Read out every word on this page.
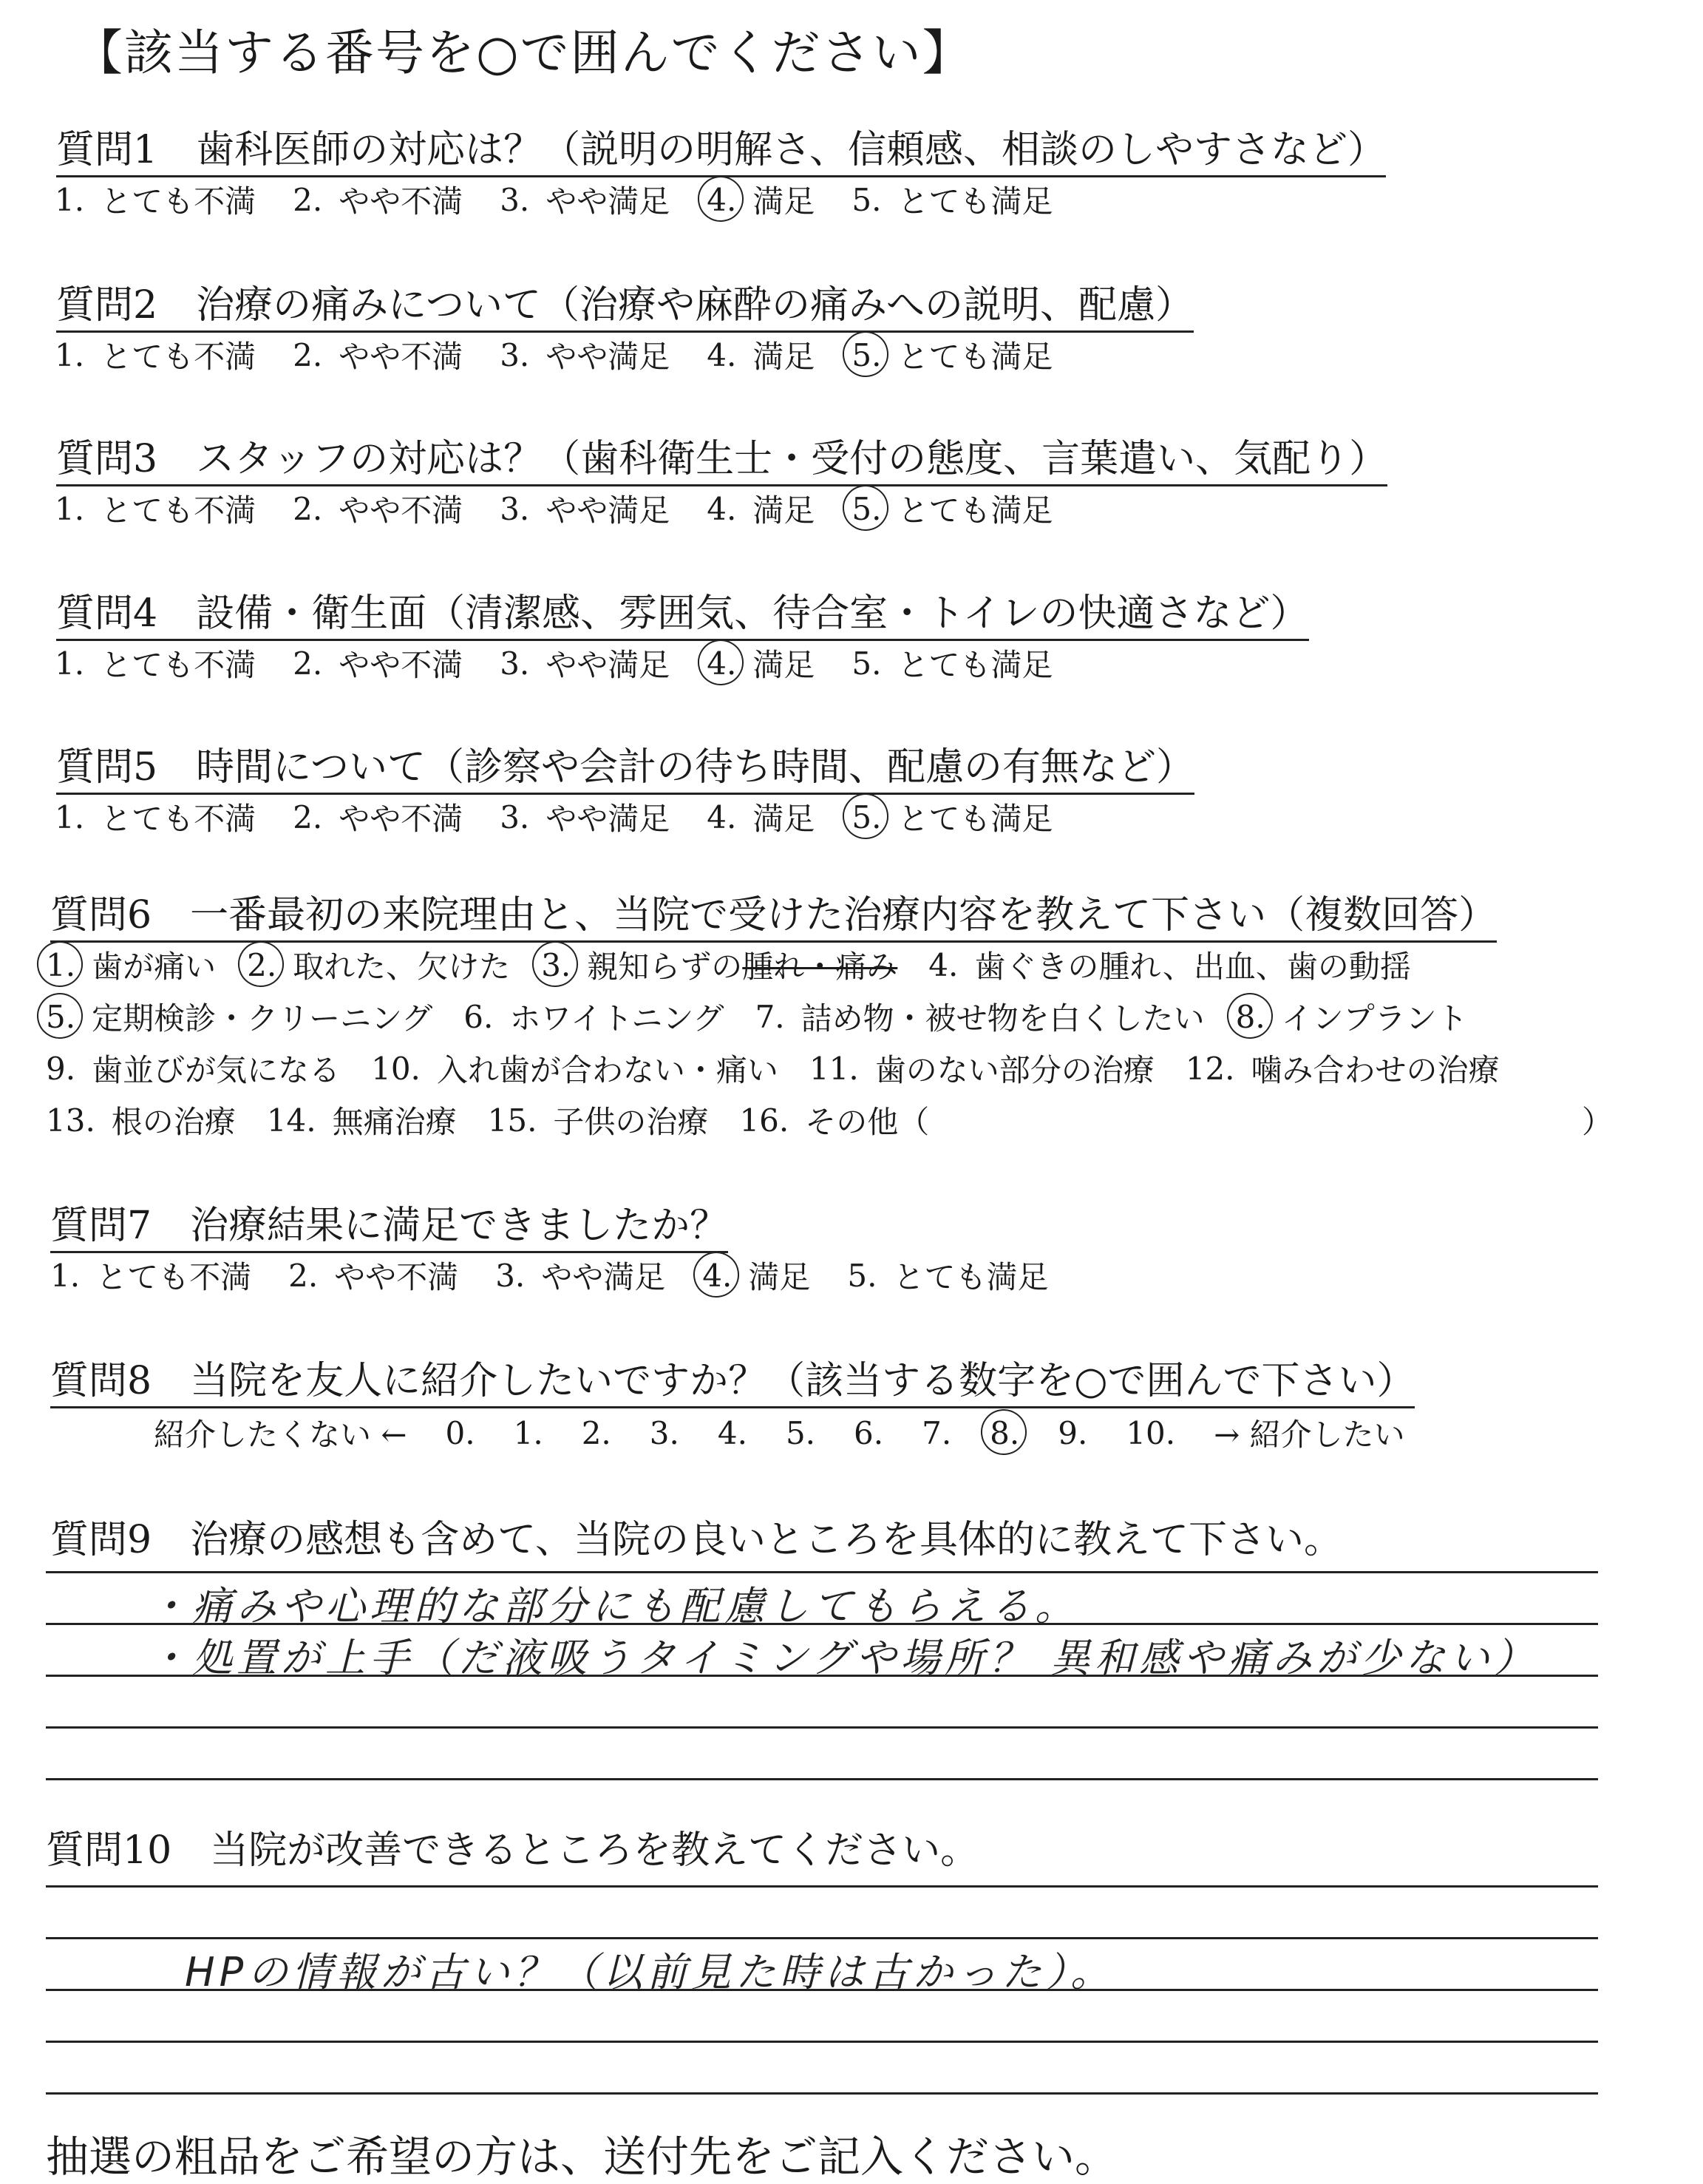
【該当する番号を○で囲んでください】
質問1　歯科医師の対応は？（説明の明解さ、信頼感、相談のしやすさなど）
1. とても不満 2. やや不満 3. やや満足 4. 満足 5. とても満足
質問2　治療の痛みについて（治療や麻酔の痛みへの説明、配慮）
1. とても不満 2. やや不満 3. やや満足 4. 満足 5. とても満足
質問3　スタッフの対応は？（歯科衛生士・受付の態度、言葉遣い、気配り）
1. とても不満 2. やや不満 3. やや満足 4. 満足 5. とても満足
質問4　設備・衛生面（清潔感、雰囲気、待合室・トイレの快適さなど）
1. とても不満 2. やや不満 3. やや満足 4. 満足 5. とても満足
質問5　時間について（診察や会計の待ち時間、配慮の有無など）
1. とても不満 2. やや不満 3. やや満足 4. 満足 5. とても満足
質問6　一番最初の来院理由と、当院で受けた治療内容を教えて下さい（複数回答）
1. 歯が痛い 2. 取れた、欠けた 3. 親知らずの 腫れ・痛み 4. 歯ぐきの腫れ、出血、歯の動揺
5. 定期検診・クリーニング 6. ホワイトニング 7. 詰め物・被せ物を白くしたい 8. インプラント
9. 歯並びが気になる 10. 入れ歯が合わない・痛い 11. 歯のない部分の治療 12. 噛み合わせの治療
13. 根の治療 14. 無痛治療 15. 子供の治療 16. その他（
質問7　治療結果に満足できましたか？
1. とても不満 2. やや不満 3. やや満足 4. 満足 5. とても満足
質問8　当院を友人に紹介したいですか？（該当する数字を○で囲んで下さい）
紹介したくない ← 0. 1. 2. 3. 4. 5. 6. 7. 8. 9. 10. → 紹介したい
質問9　治療の感想も含めて、当院の良いところを具体的に教えて下さい。
・痛みや心理的な部分にも配慮してもらえる。
・処置が上手（だ液吸うタイミングや場所？ 異和感や痛みが少ない）
質問10　当院が改善できるところを教えてください。
HPの情報が古い？（以前見た時は古かった）。
抽選の粗品をご希望の方は、送付先をご記入ください。
）
